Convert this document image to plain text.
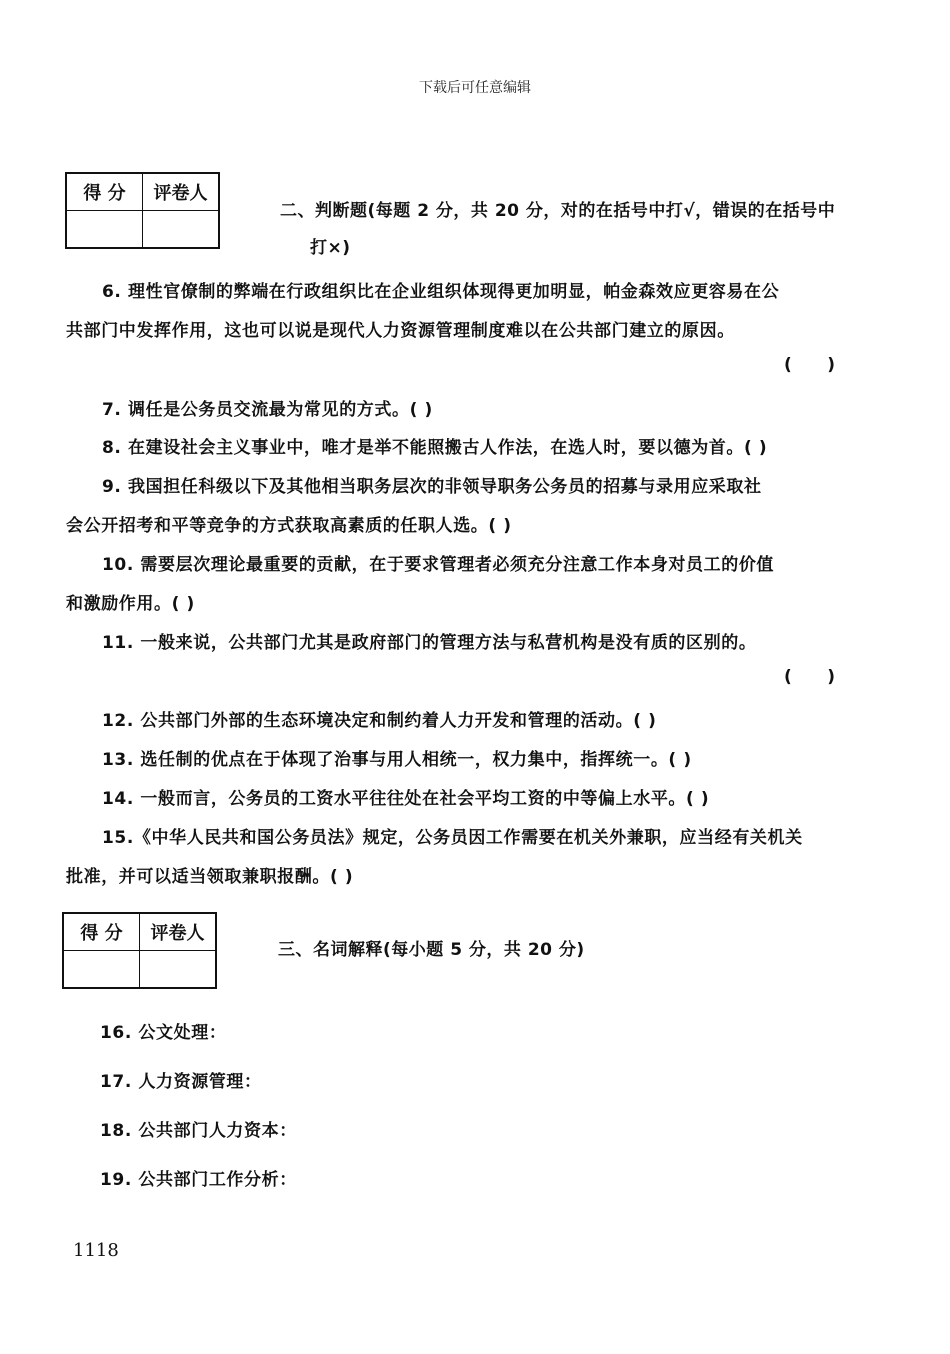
下载后可任意编辑
得 分	评卷人

二、判断题(每题 2 分，共 20 分，对的在括号中打√，错误的在括号中
打×)
6. 理性官僚制的弊端在行政组织比在企业组织体现得更加明显，帕金森效应更容易在公
共部门中发挥作用，这也可以说是现代人力资源管理制度难以在公共部门建立的原因。
(      )
7. 调任是公务员交流最为常见的方式。( )
8. 在建设社会主义事业中，唯才是举不能照搬古人作法，在选人时，要以德为首。( )
9. 我国担任科级以下及其他相当职务层次的非领导职务公务员的招募与录用应采取社
会公开招考和平等竞争的方式获取高素质的任职人选。( )
10. 需要层次理论最重要的贡献，在于要求管理者必须充分注意工作本身对员工的价值
和激励作用。( )
11. 一般来说，公共部门尤其是政府部门的管理方法与私营机构是没有质的区别的。
(      )
12. 公共部门外部的生态环境决定和制约着人力开发和管理的活动。( )
13. 选任制的优点在于体现了治事与用人相统一，权力集中，指挥统一。( )
14. 一般而言，公务员的工资水平往往处在社会平均工资的中等偏上水平。( )
15.《中华人民共和国公务员法》规定，公务员因工作需要在机关外兼职，应当经有关机关
批准，并可以适当领取兼职报酬。( )
得 分	评卷人

三、名词解释(每小题 5 分，共 20 分)
16. 公文处理：
17. 人力资源管理：
18. 公共部门人力资本：
19. 公共部门工作分析：
1118
